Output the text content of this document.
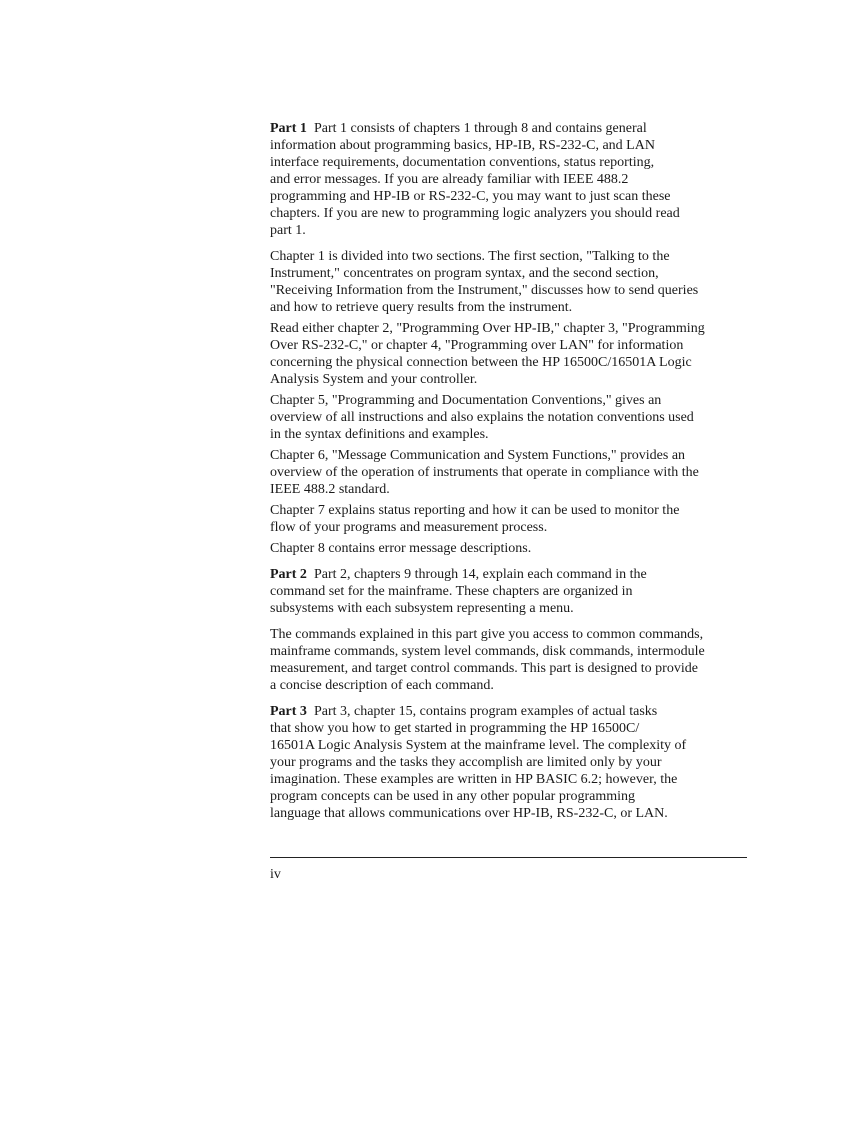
Part 1 Part 1 consists of chapters 1 through 8 and contains general
information about programming basics, HP-IB, RS-232-C, and LAN
interface requirements, documentation conventions, status reporting,
and error messages. If you are already familiar with IEEE 488.2
programming and HP-IB or RS-232-C, you may want to just scan these
chapters. If you are new to programming logic analyzers you should read
part 1.

Chapter 1 is divided into two sections. The first section, "Talking to the
Instrument," concentrates on program syntax, and the second section,
"Receiving Information from the Instrument," discusses how to send queries
and how to retrieve query results from the instrument.

Read either chapter 2, "Programming Over HP-IB," chapter 3, "Programming
Over RS-232-C," or chapter 4, "Programming over LAN" for information
concerning the physical connection between the HP 16500C/16501A Logic
Analysis System and your controller.

Chapter 5, "Programming and Documentation Conventions," gives an
overview of all instructions and also explains the notation conventions used
in the syntax definitions and examples.

Chapter 6, "Message Communication and System Functions," provides an
overview of the operation of instruments that operate in compliance with the
IEEE 488.2 standard.

Chapter 7 explains status reporting and how it can be used to monitor the
flow of your programs and measurement process.

Chapter 8 contains error message descriptions.

Part 2 Part 2, chapters 9 through 14, explain each command in the
command set for the mainframe. These chapters are organized in
subsystems with each subsystem representing a menu.

The commands explained in this part give you access to common commands,
mainframe commands, system level commands, disk commands, intermodule
measurement, and target control commands. This part is designed to provide
a concise description of each command.

Part 3 Part 3, chapter 15, contains program examples of actual tasks
that show you how to get started in programming the HP 16500C/
16501A Logic Analysis System at the mainframe level. The complexity of
your programs and the tasks they accomplish are limited only by your
imagination. These examples are written in HP BASIC 6.2; however, the
program concepts can be used in any other popular programming
language that allows communications over HP-IB, RS-232-C, or LAN.

iv
